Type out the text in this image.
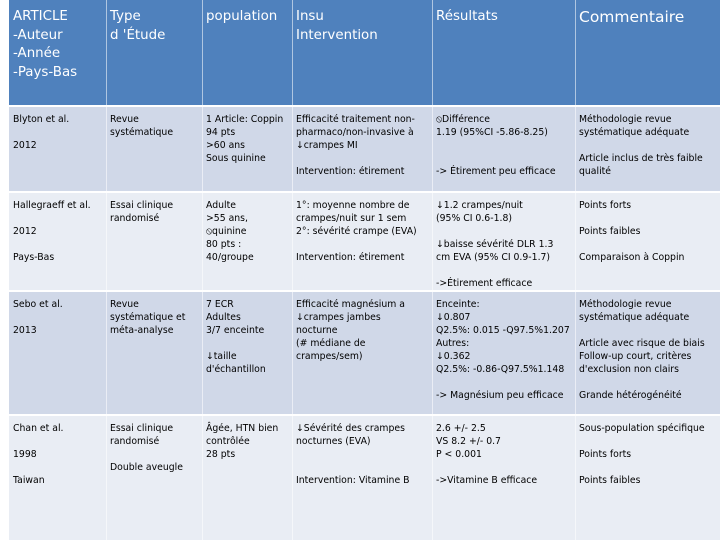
ARTICLE
-Auteur
-Année
-Pays-Bas
Type
d 'Étude
population	Insu
Intervention
Résultats	Commentaire
Blyton et al.
2012
Revue
systématique
1 Article: Coppin
94 pts
>60 ans
Sous quinine
Efficacité traitement non-
pharmaco/non-invasive à
↓crampes MI
Intervention: étirement
⦸Différence
1.19 (95%CI -5.86-8.25)
-> Étirement peu efficace
Méthodologie revue
systématique adéquate
Article inclus de très faible
qualité
Hallegraeff et al.
2012
Pays-Bas
Essai clinique
randomisé
Adulte
>55 ans,
⦸quinine
80 pts :
40/groupe
1°: moyenne nombre de
crampes/nuit sur 1 sem
2°: sévérité crampe (EVA)
Intervention: étirement
↓1.2 crampes/nuit
(95% CI 0.6-1.8)
↓baisse sévérité DLR 1.3
cm EVA (95% CI 0.9-1.7)
->Étirement efficace
Points forts
Points faibles
Comparaison à Coppin
Sebo et al.
2013
Revue
systématique et
méta-analyse
7 ECR
Adultes
3/7 enceinte
↓taille
d'échantillon
Efficacité magnésium a
↓crampes jambes
nocturne
(# médiane de
crampes/sem)
Enceinte:
↓0.807
Q2.5%: 0.015 -Q97.5%1.207
Autres:
↓0.362
Q2.5%: -0.86-Q97.5%1.148
-> Magnésium peu efficace
Méthodologie revue
systématique adéquate
Article avec risque de biais
Follow-up court, critères
d'exclusion non clairs
Grande hétérogénéité
Chan et al.
1998
Taiwan
Essai clinique
randomisé
Double aveugle
Âgée, HTN bien
contrôlée
28 pts
↓Sévérité des crampes
nocturnes (EVA)
Intervention: Vitamine B
2.6 +/- 2.5
VS 8.2 +/- 0.7
P < 0.001
->Vitamine B efficace
Sous-population spécifique
Points forts
Points faibles
